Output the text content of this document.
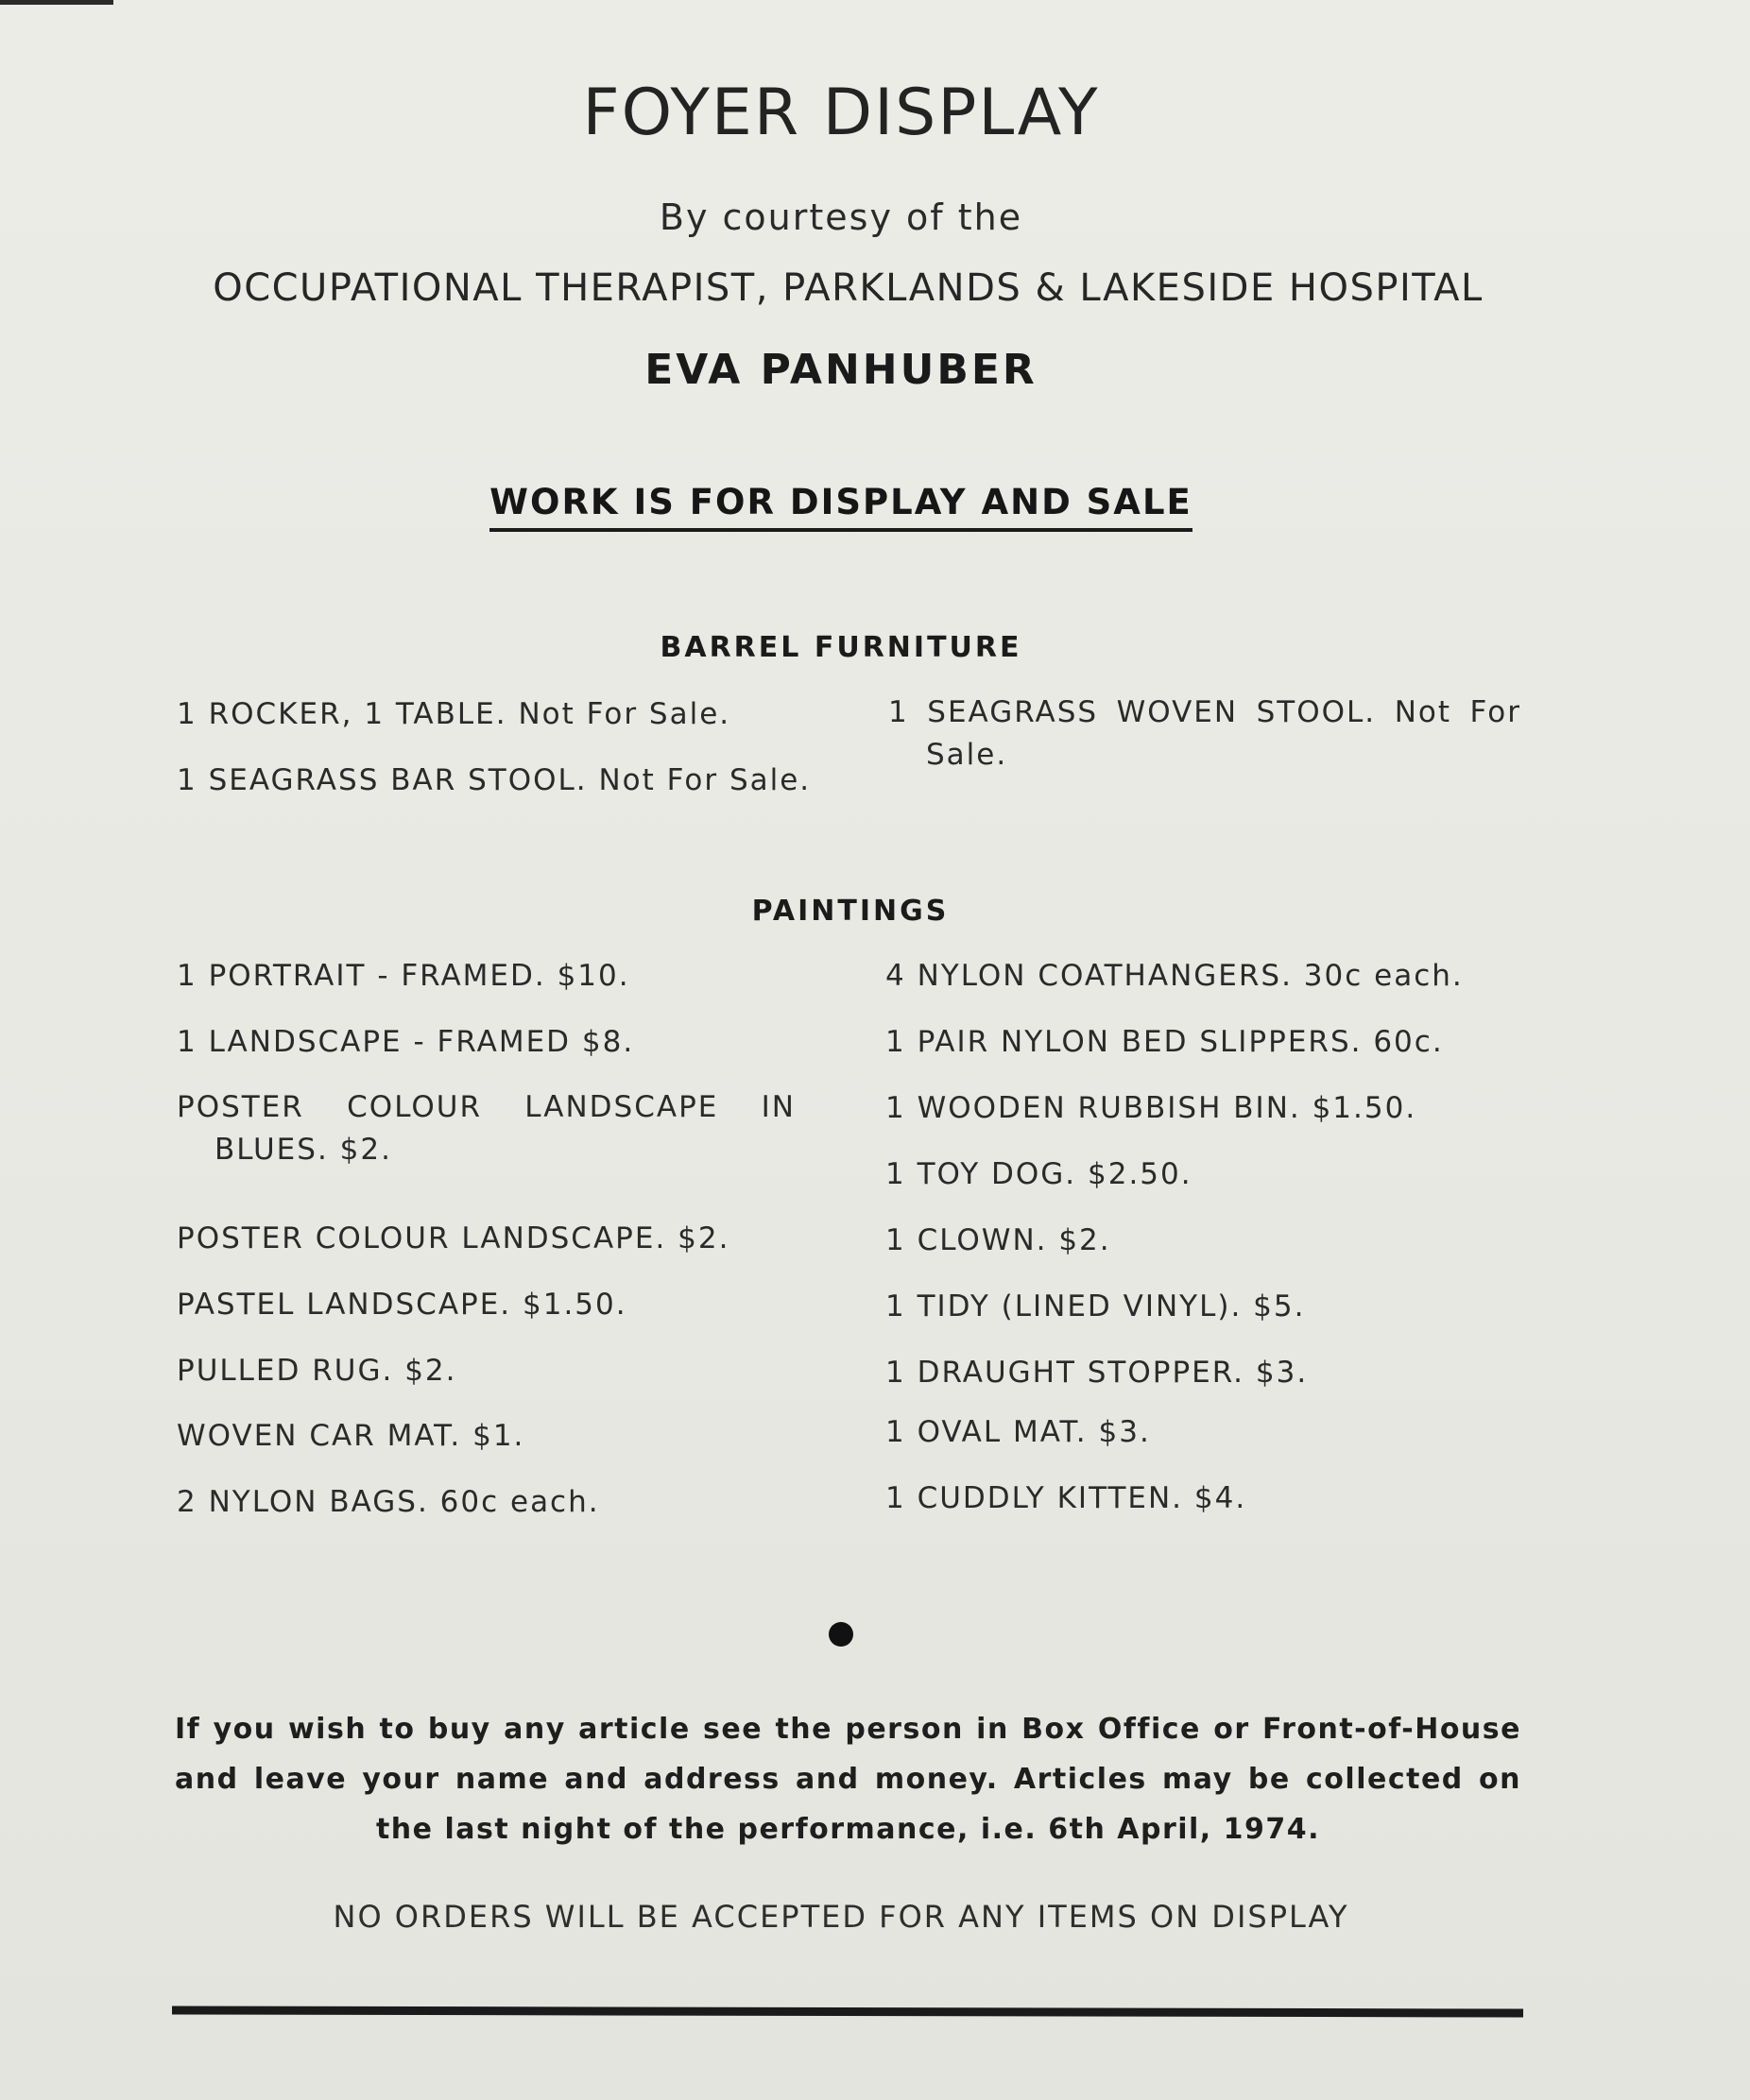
FOYER DISPLAY
By courtesy of the
OCCUPATIONAL THERAPIST, PARKLANDS & LAKESIDE HOSPITAL
EVA PANHUBER
WORK IS FOR DISPLAY AND SALE
BARREL FURNITURE
1 ROCKER, 1 TABLE. Not For Sale.
1 SEAGRASS BAR STOOL. Not For Sale.
1 SEAGRASS WOVEN STOOL. Not For
Sale.
PAINTINGS
1 PORTRAIT - FRAMED. $10.
1 LANDSCAPE - FRAMED $8.
POSTER COLOUR LANDSCAPE IN
BLUES. $2.
POSTER COLOUR LANDSCAPE. $2.
PASTEL LANDSCAPE. $1.50.
PULLED RUG. $2.
WOVEN CAR MAT. $1.
2 NYLON BAGS. 60c each.
4 NYLON COATHANGERS. 30c each.
1 PAIR NYLON BED SLIPPERS. 60c.
1 WOODEN RUBBISH BIN. $1.50.
1 TOY DOG. $2.50.
1 CLOWN. $2.
1 TIDY (LINED VINYL). $5.
1 DRAUGHT STOPPER. $3.
1 OVAL MAT. $3.
1 CUDDLY KITTEN. $4.
If you wish to buy any article see the person in Box Office or Front-of-House and leave your name and address and money. Articles may be collected on the last night of the performance, i.e. 6th April, 1974.
NO ORDERS WILL BE ACCEPTED FOR ANY ITEMS ON DISPLAY
